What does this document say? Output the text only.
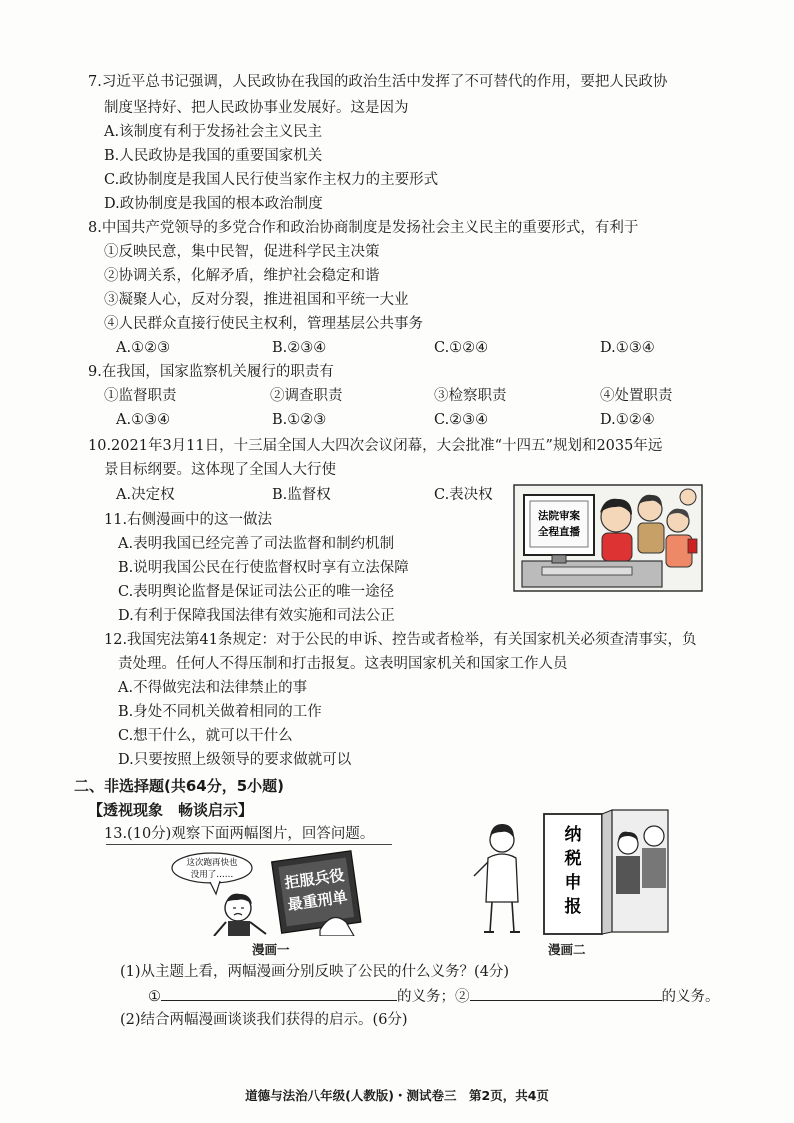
7.习近平总书记强调，人民政协在我国的政治生活中发挥了不可替代的作用，要把人民政协
制度坚持好、把人民政协事业发展好。这是因为
A.该制度有利于发扬社会主义民主
B.人民政协是我国的重要国家机关
C.政协制度是我国人民行使当家作主权力的主要形式
D.政协制度是我国的根本政治制度
8.中国共产党领导的多党合作和政治协商制度是发扬社会主义民主的重要形式，有利于
①反映民意，集中民智，促进科学民主决策
②协调关系，化解矛盾，维护社会稳定和谐
③凝聚人心，反对分裂，推进祖国和平统一大业
④人民群众直接行使民主权利，管理基层公共事务
A.①②③	B.②③④	C.①②④	D.①③④
9.在我国，国家监察机关履行的职责有
①监督职责	②调查职责	③检察职责	④处置职责
A.①③④	B.①②③	C.②③④	D.①②④
10.2021年3月11日，十三届全国人大四次会议闭幕，大会批准“十四五”规划和2035年远
景目标纲要。这体现了全国人大行使
A.决定权	B.监督权	C.表决权
11.右侧漫画中的这一做法
A.表明我国已经完善了司法监督和制约机制
B.说明我国公民在行使监督权时享有立法保障
C.表明舆论监督是保证司法公正的唯一途径
D.有利于保障我国法律有效实施和司法公正
法院审案
全程直播
12.我国宪法第41条规定：对于公民的申诉、控告或者检举，有关国家机关必须查清事实，负
责处理。任何人不得压制和打击报复。这表明国家机关和国家工作人员
A.不得做宪法和法律禁止的事
B.身处不同机关做着相同的工作
C.想干什么，就可以干什么
D.只要按照上级领导的要求做就可以
二、非选择题(共64分，5小题)
【透视现象　畅谈启示】
13.(10分)观察下面两幅图片，回答问题。
这次跑再快也
没用了……	拒服兵役
最重刑单
漫画一
纳
税
申
报
漫画二
(1)从主题上看，两幅漫画分别反映了公民的什么义务？(4分)
①	的义务；②	的义务。
(2)结合两幅漫画谈谈我们获得的启示。(6分)
道德与法治八年级(人教版)・测试卷三　第2页，共4页
